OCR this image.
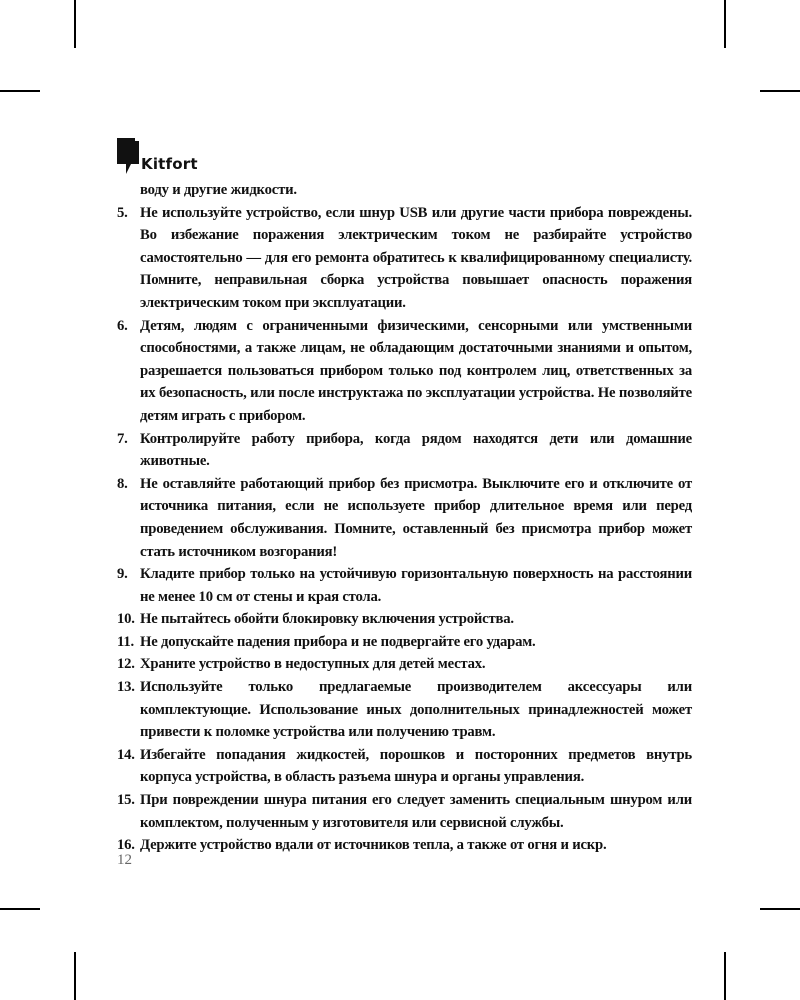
Kitfort
воду и другие жидкости.
5. Не используйте устройство, если шнур USB или другие части прибора повреждены. Во избежание поражения электрическим током не разбирайте устройство самостоятельно — для его ремонта обратитесь к квалифицированному специалисту. Помните, неправильная сборка устройства повышает опасность поражения электрическим током при эксплуатации.
6. Детям, людям с ограниченными физическими, сенсорными или умственными способностями, а также лицам, не обладающим достаточными знаниями и опытом, разрешается пользоваться прибором только под контролем лиц, ответственных за их безопасность, или после инструктажа по эксплуатации устройства. Не позволяйте детям играть с прибором.
7. Контролируйте работу прибора, когда рядом находятся дети или домашние животные.
8. Не оставляйте работающий прибор без присмотра. Выключите его и отключите от источника питания, если не используете прибор длительное время или перед проведением обслуживания. Помните, оставленный без присмотра прибор может стать источником возгорания!
9. Кладите прибор только на устойчивую горизонтальную поверхность на расстоянии не менее 10 см от стены и края стола.
10. Не пытайтесь обойти блокировку включения устройства.
11. Не допускайте падения прибора и не подвергайте его ударам.
12. Храните устройство в недоступных для детей местах.
13. Используйте только предлагаемые производителем аксессуары или комплектующие. Использование иных дополнительных принадлежностей может привести к поломке устройства или получению травм.
14. Избегайте попадания жидкостей, порошков и посторонних предметов внутрь корпуса устройства, в область разъема шнура и органы управления.
15. При повреждении шнура питания его следует заменить специальным шнуром или комплектом, полученным у изготовителя или сервисной службы.
16. Держите устройство вдали от источников тепла, а также от огня и искр.
12
